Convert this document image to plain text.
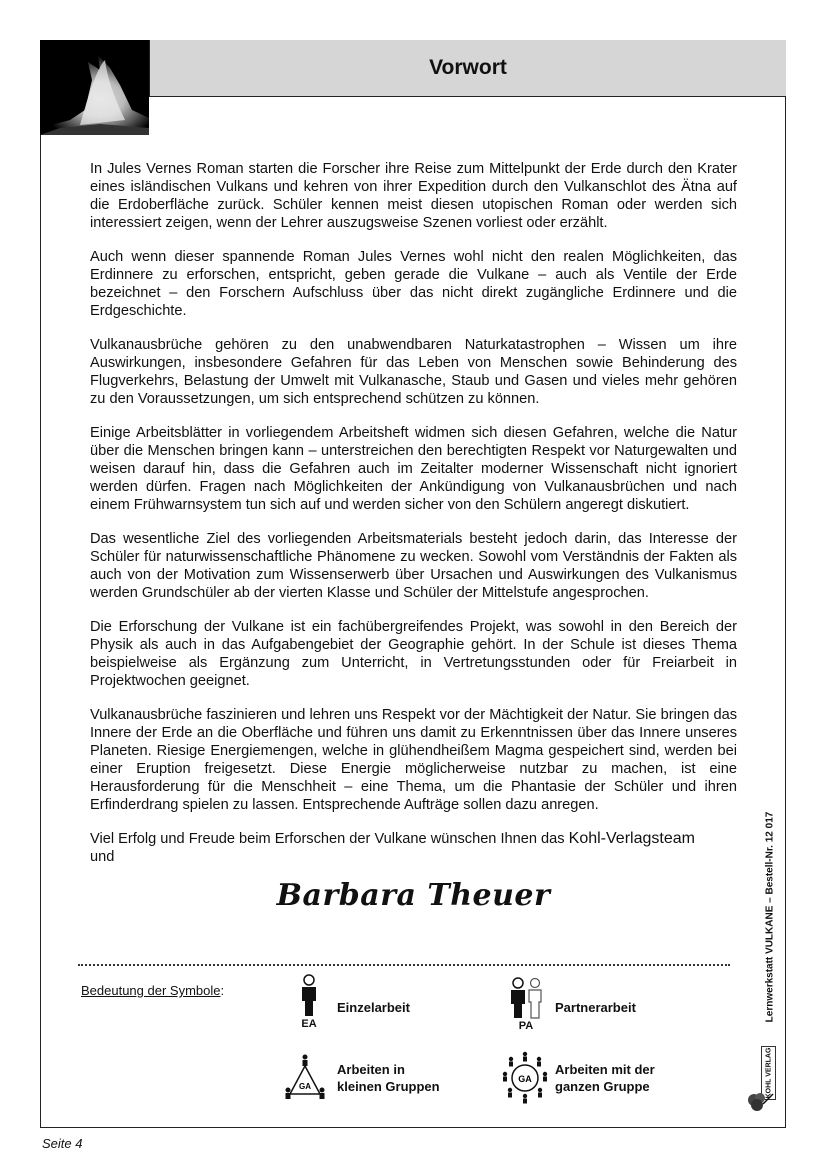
Vorwort

In Jules Vernes Roman starten die Forscher ihre Reise zum Mittelpunkt der Erde durch den Krater eines isländischen Vulkans und kehren von ihrer Expedition durch den Vulkanschlot des Ätna auf die Erdoberfläche zurück. Schüler kennen meist diesen utopischen Roman oder werden sich interessiert zeigen, wenn der Lehrer auszugsweise Szenen vorliest oder erzählt.

Auch wenn dieser spannende Roman Jules Vernes wohl nicht den realen Möglichkeiten, das Erdinnere zu erforschen, entspricht, geben gerade die Vulkane – auch als Ventile der Erde bezeichnet – den Forschern Aufschluss über das nicht direkt zugängliche Erdinnere und die Erdgeschichte.

Vulkanausbrüche gehören zu den unabwendbaren Naturkatastrophen – Wissen um ihre Auswirkungen, insbesondere Gefahren für das Leben von Menschen sowie Behinderung des Flugverkehrs, Belastung der Umwelt mit Vulkanasche, Staub und Gasen und vieles mehr gehören zu den Voraussetzungen, um sich entsprechend schützen zu können.

Einige Arbeitsblätter in vorliegendem Arbeitsheft widmen sich diesen Gefahren, welche die Natur über die Menschen bringen kann – unterstreichen den berechtigten Respekt vor Naturgewalten und weisen darauf hin, dass die Gefahren auch im Zeitalter moderner Wissenschaft nicht ignoriert werden dürfen. Fragen nach Möglichkeiten der Ankündigung von Vulkanausbrüchen und nach einem Frühwarnsystem tun sich auf und werden sicher von den Schülern angeregt diskutiert.

Das wesentliche Ziel des vorliegenden Arbeitsmaterials besteht jedoch darin, das Interesse der Schüler für naturwissenschaftliche Phänomene zu wecken. Sowohl vom Verständnis der Fakten als auch von der Motivation zum Wissenserwerb über Ursachen und Auswirkungen des Vulkanismus werden Grundschüler ab der vierten Klasse und Schüler der Mittelstufe angesprochen.

Die Erforschung der Vulkane ist ein fachübergreifendes Projekt, was sowohl in den Bereich der Physik als auch in das Aufgabengebiet der Geographie gehört. In der Schule ist dieses Thema beispielweise als Ergänzung zum Unterricht, in Vertretungsstunden oder für Freiarbeit in Projektwochen geeignet.

Vulkanausbrüche faszinieren und lehren uns Respekt vor der Mächtigkeit der Natur. Sie bringen das Innere der Erde an die Oberfläche und führen uns damit zu Erkenntnissen über das Innere unseres Planeten. Riesige Energiemengen, welche in glühendheißem Magma gespeichert sind, werden bei einer Eruption freigesetzt. Diese Energie möglicherweise nutzbar zu machen, ist eine Herausforderung für die Menschheit – eine Thema, um die Phantasie der Schüler und ihren Erfinderdrang spielen zu lassen. Entsprechende Aufträge sollen dazu anregen.

Viel Erfolg und Freude beim Erforschen der Vulkane wünschen Ihnen das Kohl-Verlagsteam
und
Barbara Theuer
Bedeutung der Symbole:
EA
Einzelarbeit
PA
Partnerarbeit
GA
Arbeiten in
kleinen Gruppen	GA
Arbeiten mit der
ganzen Gruppe
Lernwerkstatt VULKANE – Bestell-Nr. 12 017
KOHL VERLAG
Seite 4
